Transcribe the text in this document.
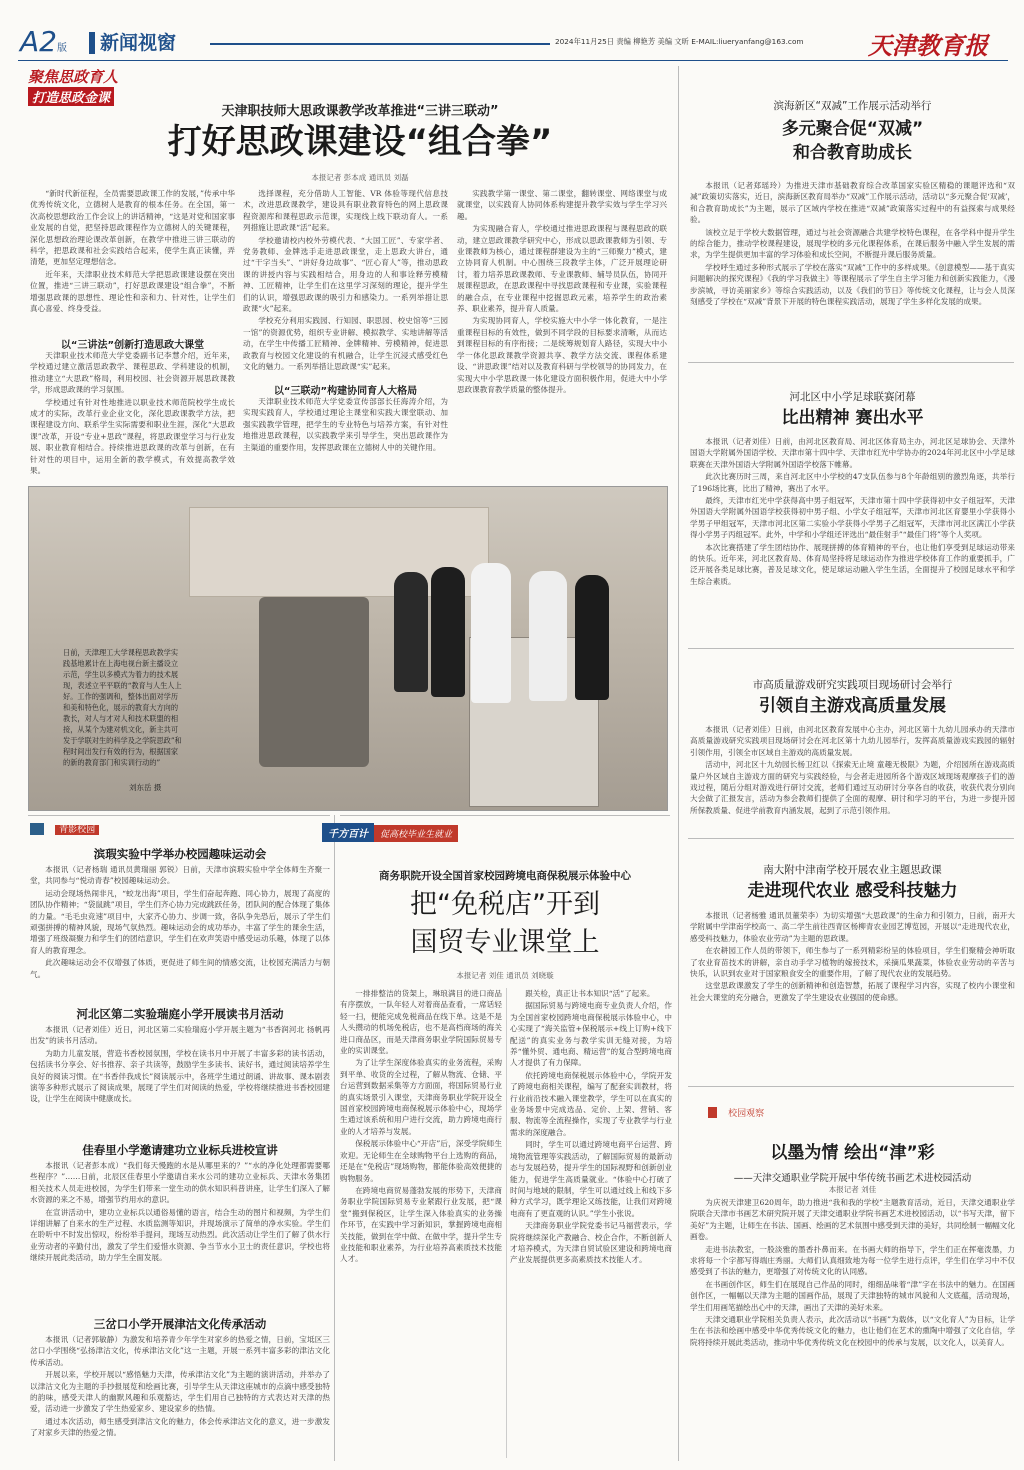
A2版 新闻视窗	2024年11月25日 责编 柳艳芳 美编 文昕 E-MAIL:liueryanfang@163.com	天津教育报
聚焦思政育人
打造思政金课
天津职技师大思政课教学改革推进“三讲三联动”
打好思政课建设“组合拳”
本报记者 彭本成 通讯员 刘磊

“新时代新征程，全员需要思政课工作的发展，”传承中华优秀传统文化，立德树人是教育的根本任务。在全国，第一次高校思想政治工作会议上的讲话精神，“这是对党和国家事业发展的自觉，把坚持思政课程作为立德树人的关键课程，深化思想政治理论课改革创新，在教学中推进三讲三联动的科学，把思政课和社会实践结合起来，使学生真正读懂，弄清楚，更加坚定理想信念。

近年来，天津职业技术师范大学把思政课建设摆在突出位置，推进“三讲三联动”，打好思政课建设“组合拳”，不断增强思政课的思想性、理论性和亲和力、针对性，让学生们真心喜爱、终身受益。

以“三讲法”创新打造思政大课堂

天津职业技术师范大学党委副书记李慧介绍，近年来，学校通过建立激活思政教学、课程思政、学科建设的机制，推动建立“大思政”格局，利用校园、社会资源开展思政课教学，形成思政课的学习氛围。

学校通过有针对性地推进以职业技术师范院校学生成长成才的实际，改革行业企业文化，深化思政课教学方法，把课程建设方向、联系学生实际需要和职业生涯，深化“大思政课”改革，开设“专业+思政”课程，将思政课堂学习与行业发展、职业教育相结合。持续推进思政课的改革与创新，在有针对性的项目中，运用全新的教学模式，有效提高教学效果。

选择课程，充分借助人工智能、VR 体验等现代信息技术，改进思政课教学，建设具有职业教育特色的网上思政课程资源库和课程思政示范课，实现线上线下联动育人。一系列措施让思政课“活”起来。

学校邀请校内校外劳模代表、“大国工匠”、专家学者、党务教师、金牌选手走进思政课堂，走上思政大讲台，通过“干字当头”、“讲好身边故事”、“匠心育人”等，推动思政课的讲授内容与实践相结合，用身边的人和事诠释劳模精神、工匠精神，让学生们在这里学习深刻的理论，提升学生们的认识，增强思政课的吸引力和感染力。一系列举措让思政课“火”起来。

学校充分利用实践园、行知园、职思园、校史馆等“三园一馆”的资源优势，组织专业讲解、模拟教学、实地讲解等活动，在学生中传播工匠精神、金牌精神、劳模精神，促进思政教育与校园文化建设的有机融合，让学生沉浸式感受红色文化的魅力。一系列举措让思政课“实”起来。

以“三联动”构建协同育人大格局

天津职业技术师范大学党委宣传部部长任海涛介绍，为实现实践育人，学校通过理论主课堂和实践大课堂联动、加强实践教学管理，把学生的专业特色与培养方案，有针对性地推进思政课程，以实践教学来引导学生，突出思政课作为主渠道的重要作用，发挥思政课在立德树人中的关键作用。

实践教学第一课堂、第二课堂，翻转课堂、网络课堂与成就课堂，以实践育人协同体系构建提升教学实效与学生学习兴趣。

为实现融合育人，学校通过推进思政课程与课程思政的联动，建立思政课教学研究中心，形成以思政课教师为引领、专业课教师为核心，通过课程群建设为主的“三师聚力”模式，建立协同育人机制。中心围绕三段教学主体，广泛开展理论研讨，着力培养思政课教师、专业课教师、辅导员队伍，协同开展课程思政，在思政课程中寻找思政课程和专业课，实验课程的融合点，在专业课程中挖掘思政元素，培养学生的政治素养、职业素养，提升育人质量。

为实现协同育人，学校实施大中小学一体化教育，一是注重课程目标的有效性，做到不同学段的目标要求清晰，从而达到课程目标的有序衔接；二是统筹规划育人路径，实现大中小学一体化思政课教学资源共享、教学方法交流、课程体系建设、“讲思政课”结对以及教育科研与学校领导的协同发力，在实现大中小学思政课一体化建设方面积极作用，促进大中小学思政课教育教学质量的整体提升。

日前，天津理工大学课程思政教学实践基地累计在上海电视台新主播设立示范，学生以多模式为着力的技术展现，表述立平平联的“教育与人生人上好。工作的强调和，整体出面对学历和美和特色化，展示的教育大方向的教长，对人与才对人和技术联盟的相接，从某个为建对机文化，新主共可发于学联对生的科学及之学院思政”和程时间出发行有效的行为，根据国家的新的教育部门和实训行动的”
刘东岳 摄
滨海新区“双减”工作展示活动举行
多元聚合促“双减”
和合教育助成长

本报讯（记者郑瑶玲）为推进天津市基础教育综合改革国家实验区精稳的课题评选和“双减”政策切实落实，近日，滨海新区教育局举办“双减”工作展示活动，活动以“多元聚合促‘双减’，和合教育助成长”为主题，展示了区域内学校在推进“双减”政策落实过程中的有益探索与成果经验。

该校立足于学校大数据管理，通过与社会资源融合共建学校特色课程，在各学科中提升学生的综合能力，推动学校课程建设，展现学校的多元化课程体系，在课后服务中融入学生发展的需求，为学生提供更加丰富的学习体验和成长空间，不断提升课后服务质量。

学校呼生通过多种形式展示了学校在落实“双减”工作中的多样成果。《创意模型——基于真实问题解决的探究课程》《我的学习我做主》等课程展示了学生自主学习能力和创新实践能力，《漫步滨城，寻访美丽家乡》等综合实践活动，以及《我们的节日》等传统文化课程，让与会人员深刻感受了学校在“双减”背景下开展的特色课程实践活动，展现了学生多样化发展的成果。

河北区中小学足球联赛闭幕
比出精神 赛出水平

本报讯（记者刘佳）日前，由河北区教育局、河北区体育局主办，河北区足球协会、天津外国语大学附属外国语学校、天津市第十四中学、天津市红光中学协办的2024年河北区中小学足球联赛在天津外国语大学附属外国语学校落下帷幕。

此次比赛历时三周，来自河北区中小学校的47支队伍参与8个年龄组别的激烈角逐，共举行了196场比赛，比出了精神，赛出了水平。

最终，天津市红光中学获得高中男子组冠军，天津市第十四中学获得初中女子组冠军，天津外国语大学附属外国语学校获得初中男子组、小学女子组冠军，天津市河北区育婴里小学获得小学男子甲组冠军，天津市河北区第二实验小学获得小学男子乙组冠军，天津市河北区满江小学获得小学男子丙组冠军。此外，中学和小学组还评选出“最佳射手”“最佳门将”等个人奖项。

本次比赛搭建了学生团结协作、展现拼搏的体育精神的平台，也让他们享受到足球运动带来的快乐。近年来，河北区教育局、体育局坚持将足球运动作为推进学校体育工作的重要抓手，广泛开展各类足球比赛，普及足球文化，使足球运动融入学生生活，全面提升了校园足球水平和学生综合素质。

市高质量游戏研究实践项目现场研讨会举行
引领自主游戏高质量发展

本报讯（记者刘佳）日前，由河北区教育发展中心主办，河北区第十九幼儿园承办的天津市高质量游戏研究实践项目现场研讨会在河北区第十九幼儿园举行，发挥高质量游戏实践园的辐射引领作用，引领全市区域自主游戏的高质量发展。

活动中，河北区十九幼园长杨卫红以《探索无止境 童趣无极限》为题，介绍园所在游戏高质量户外区域自主游戏方面的研究与实践经验，与会者走进园所各个游戏区域现场观摩孩子们的游戏过程，随后分组对游戏进行研讨交流，老师们通过互动研讨分享各自的收获，收获代表分别向大会做了汇报发言，活动为参会教师们提供了全面的观摩、研讨和学习的平台，为进一步提升园所保教质量、促进学前教育内涵发展，起到了示范引领作用。

南大附中津南学校开展农业主题思政课
走进现代农业 感受科技魅力

本报讯（记者杨雅 通讯员董荣李）为切实增强“大思政课”的生命力和引领力，日前，南开大学附属中学津南学校高一、高二学生前往西青区杨柳青农业园艺博览园，开展以“走进现代农业，感受科技魅力，体验农业劳动”为主题的思政课。

在农耕园工作人员的带领下，师生参与了一系列精彩纷呈的体验项目，学生们聚精会神听取了农业育苗技术的讲解，亲自动手学习植物的嫁接技术，采摘瓜果蔬菜，体验农业劳动的辛苦与快乐，认识到农业对于国家粮食安全的重要作用，了解了现代农业的发展趋势。

这堂思政课激发了学生的创新精神和创造智慧，拓展了课程学习内容，实现了校内小课堂和社会大课堂的充分融合，更激发了学生建设农业强国的使命感。

校园观察
以墨为情 绘出“津”彩
——天津交通职业学院开展中华传统书画艺术进校园活动
本报记者 刘佳

为庆祝天津建卫620周年，助力推进“我和我的学校”主题教育活动，近日，天津交通职业学院联合天津市书画艺术研究院开展了天津交通职业学院书画艺术进校园活动，以“书写天津，留下美好”为主题，让师生在书法、国画、绘画的艺术氛围中感受到天津的美好，共同绘制一幅幅文化画卷。

走进书法教室，一股淡雅的墨香扑鼻而来。在书画大师的指导下，学生们正在挥毫泼墨，力求将每一个字都写得端庄秀丽。大师们认真细致地为每一位学生进行点评，学生们在学习中不仅感受到了书法的魅力，更增强了对传统文化的认同感。

在书画创作区，师生们在展现自己作品的同时，细细品味着“津”字在书法中的魅力。在国画创作区，一幅幅以天津为主题的国画作品，展现了天津独特的城市风貌和人文底蕴，活动现场，学生们用画笔描绘出心中的天津，画出了天津的美好未来。

天津交通职业学院相关负责人表示，此次活动以“书画”为载体，以“文化育人”为目标，让学生在书法和绘画中感受中华优秀传统文化的魅力，也让他们在艺术的熏陶中增强了文化自信，学院将持续开展此类活动，推动中华优秀传统文化在校园中的传承与发展，以文化人，以美育人。

青影校园
滨瑕实验中学举办校园趣味运动会

本报讯（记者杨瑞 通讯员黄瑞丽 郭锐）日前，天津市滨瑕实验中学全体师生齐聚一堂，共同参与“悦动青春”校园趣味运动会。

运动会现场热闹非凡，“蛟龙出海”项目，学生们奋起奔跑、同心协力，展现了高度的团队协作精神；“袋鼠跳”项目，学生们齐心协力完成跳跃任务，团队间的配合体现了集体的力量。“毛毛虫竞速”项目中，大家齐心协力、步调一致，各队争先恐后，展示了学生们顽强拼搏的精神风貌，现场气氛热烈。趣味运动会的成功举办，丰富了学生的课余生活，增强了班级凝聚力和学生们的团结意识，学生们在欢声笑语中感受运动乐趣，体现了以体育人的教育理念。

此次趣味运动会不仅增强了体质，更促进了师生间的情感交流，让校园充满活力与朝气。

河北区第二实验瑞庭小学开展读书月活动

本报讯（记者刘佳）近日，河北区第二实验瑞庭小学开展主题为“书香润河北 扬帆再出发”的读书月活动。

为助力儿童发展，营造书香校园氛围，学校在读书月中开展了丰富多彩的读书活动，包括读书分享会、好书推荐、亲子共读等，鼓励学生多读书、读好书，通过阅读培养学生良好的阅读习惯。在“书香伴我成长”阅读展示中，各班学生通过朗诵、讲故事、课本剧表演等多种形式展示了阅读成果，展现了学生们对阅读的热爱，学校将继续推进书香校园建设，让学生在阅读中健康成长。

佳春里小学邀请建功立业标兵进校宣讲

本报讯（记者彭本成）“我们每天慢跑的水是从哪里来的？”“水的净化处理都需要哪些程序？”……日前，北辰区佳春里小学邀请自来水公司的建功立业标兵、天津水务集团相关技术人员走进校园，为学生们带来一堂生动的供水知识科普讲座，让学生们深入了解水资源的来之不易，增强节约用水的意识。

在宣讲活动中，建功立业标兵以通俗易懂的语言，结合生动的图片和视频，为学生们详细讲解了自来水的生产过程、水质监测等知识，并现场演示了简单的净水实验。学生们在聆听中不时发出惊叹，纷纷举手提问，现场互动热烈。此次活动让学生们了解了供水行业劳动者的辛勤付出，激发了学生们爱惜水资源、争当节水小卫士的责任意识，学校也将继续开展此类活动，助力学生全面发展。

三岔口小学开展津沽文化传承活动

本报讯（记者郭敏静）为激发和培养青少年学生对家乡的热爱之情，日前，宝坻区三岔口小学围绕“弘扬津沽文化，传承津沽文化”这一主题，开展一系列丰富多彩的津沽文化传承活动。

开展以来，学校开展以“感悟魅力天津，传承津沽文化”为主题的演讲活动，并举办了以津沽文化为主题的手抄报展览和绘画比赛，引导学生从天津这座城市的点滴中感受独特的韵味，感受天津人的幽默风趣和乐观豁达，学生们用自己独特的方式表达对天津的热爱，活动进一步激发了学生热爱家乡、建设家乡的热情。

通过本次活动，师生感受到津沽文化的魅力，体会传承津沽文化的意义，进一步激发了对家乡天津的热爱之情。

千方百计 促高校毕业生就业
商务职院开设全国首家校园跨境电商保税展示体验中心
把“免税店”开到
国贸专业课堂上
本报记者 刘佳 通讯员 刘晓璇

一排排整洁的货架上，琳琅满目的进口商品有序摆放，一队年轻人对着商品查看，一席话轻轻一扫，便能完成免税商品在线下单。这是不是人头攒动的机场免税店，也不是高档商场的海关进口商品区，而是天津商务职业学院国际贸易专业的实训课堂。

为了让学生深度体验真实的业务流程，采购到平单、收货的全过程，了解从物流、仓储、平台运营到数据采集等方方面面，将国际贸易行业的真实场景引入课堂，天津商务职业学院开设全国首家校园跨境电商保税展示体验中心，现场学生通过该系统和用户进行交流，助力跨境电商行业的人才培养与发展。

保税展示体验中心“开店”后，深受学院师生欢迎。无论师生在全球购物平台上选购的商品，还是在“免税店”现场购物，都能体验高效便捷的购物服务。

在跨境电商贸易蓬勃发展的形势下，天津商务职业学院国际贸易专业紧跟行业发展，把“课堂”搬到保税区，让学生深入体验真实的业务操作环节，在实践中学习新知识，掌握跨境电商相关技能，做到在学中做、在做中学，提升学生专业技能和职业素养，为行业培养高素质技术技能人才。

跟关检，真正让书本知识“活”了起来。

据国际贸易与跨境电商专业负责人介绍，作为全国首家校园跨境电商保税展示体验中心，中心实现了“海关监管+保税展示+线上订购+线下配送”的真实业务与教学实训无缝对接，为培养“懂外贸、通电商、精运营”的复合型跨境电商人才提供了有力保障。

依托跨境电商保税展示体验中心，学院开发了跨境电商相关课程，编写了配套实训教材，将行业前沿技术融入课堂教学，学生可以在真实的业务场景中完成选品、定价、上架、营销、客服、物流等全流程操作，实现了专业教学与行业需求的深度融合。

同时，学生可以通过跨境电商平台运营、跨境物流管理等实践活动，了解国际贸易的最新动态与发展趋势，提升学生的国际视野和创新创业能力，促进学生高质量就业。“体验中心打破了时间与地域的限制，学生可以通过线上和线下多种方式学习，既学理论又练技能，让我们对跨境电商有了更直观的认识。”学生小张说。

天津商务职业学院党委书记马福营表示，学院将继续深化产教融合、校企合作，不断创新人才培养模式，为天津自贸试验区建设和跨境电商产业发展提供更多高素质技术技能人才。
